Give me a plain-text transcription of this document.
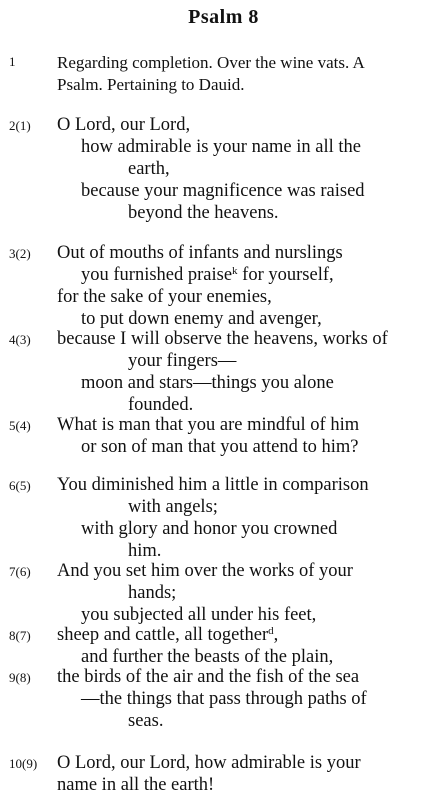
Psalm 8
1 Regarding completion. Over the wine vats. A
Psalm. Pertaining to Dauid.
2(1) O Lord, our Lord,
how admirable is your name in all the
earth,
because your magnificence was raised
beyond the heavens.
3(2) Out of mouths of infants and nurslings
you furnished praise$^k$ for yourself,
for the sake of your enemies,
to put down enemy and avenger,
4(3) because I will observe the heavens, works of
your fingers—
moon and stars—things you alone
founded.
5(4) What is man that you are mindful of him
or son of man that you attend to him?
6(5) You diminished him a little in comparison
with angels;
with glory and honor you crowned
him.
7(6) And you set him over the works of your
hands;
you subjected all under his feet,
8(7) sheep and cattle, all together$^d$,
and further the beasts of the plain,
9(8) the birds of the air and the fish of the sea
—the things that pass through paths of
seas.
10(9) O Lord, our Lord, how admirable is your
name in all the earth!
